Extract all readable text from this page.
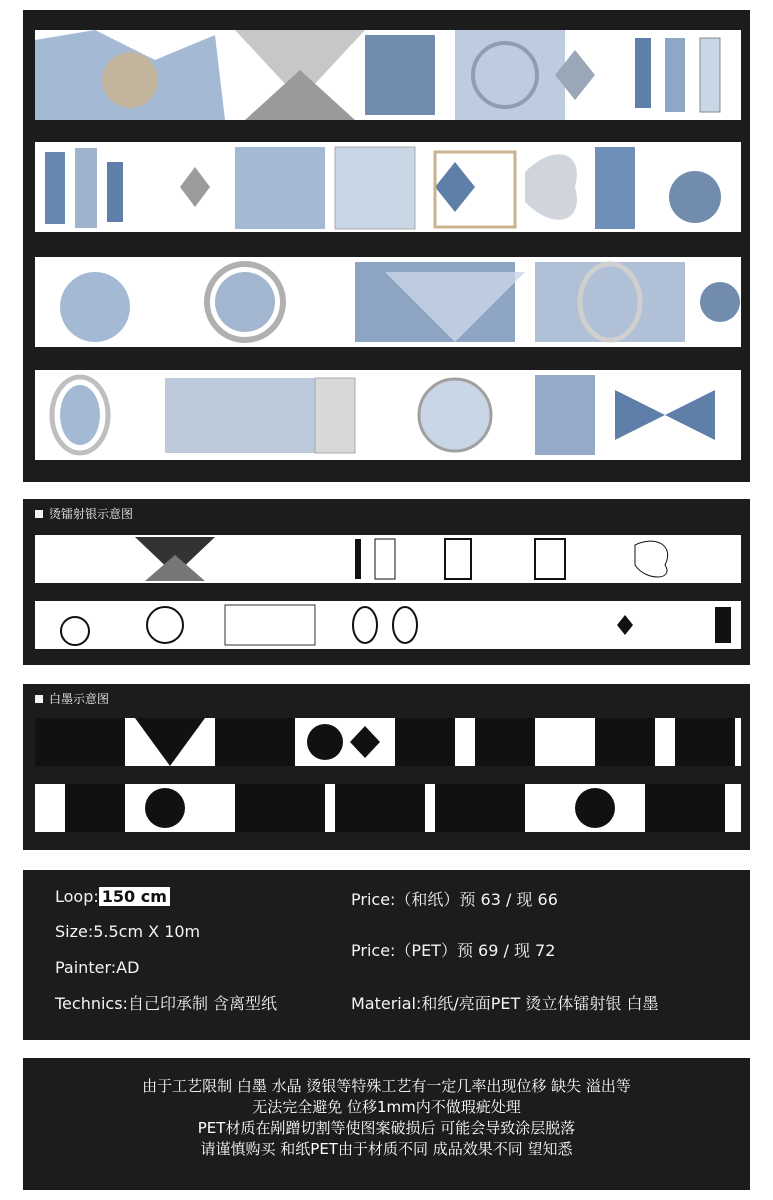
烫镭射银示意图
白墨示意图
Loop: 150 cm
Size:5.5cm X 10m
Painter:AD
Technics:自己印承制 含离型纸
Price:（和纸）预 63 / 现 66
Price:（PET）预 69 / 现 72
Material:和纸/亮面PET 烫立体镭射银 白墨
由于工艺限制 白墨 水晶 烫银等特殊工艺有一定几率出现位移 缺失 溢出等
无法完全避免 位移1mm内不做瑕疵处理
PET材质在剐蹭切割等使图案破损后 可能会导致涂层脱落
请谨慎购买 和纸PET由于材质不同 成品效果不同 望知悉
